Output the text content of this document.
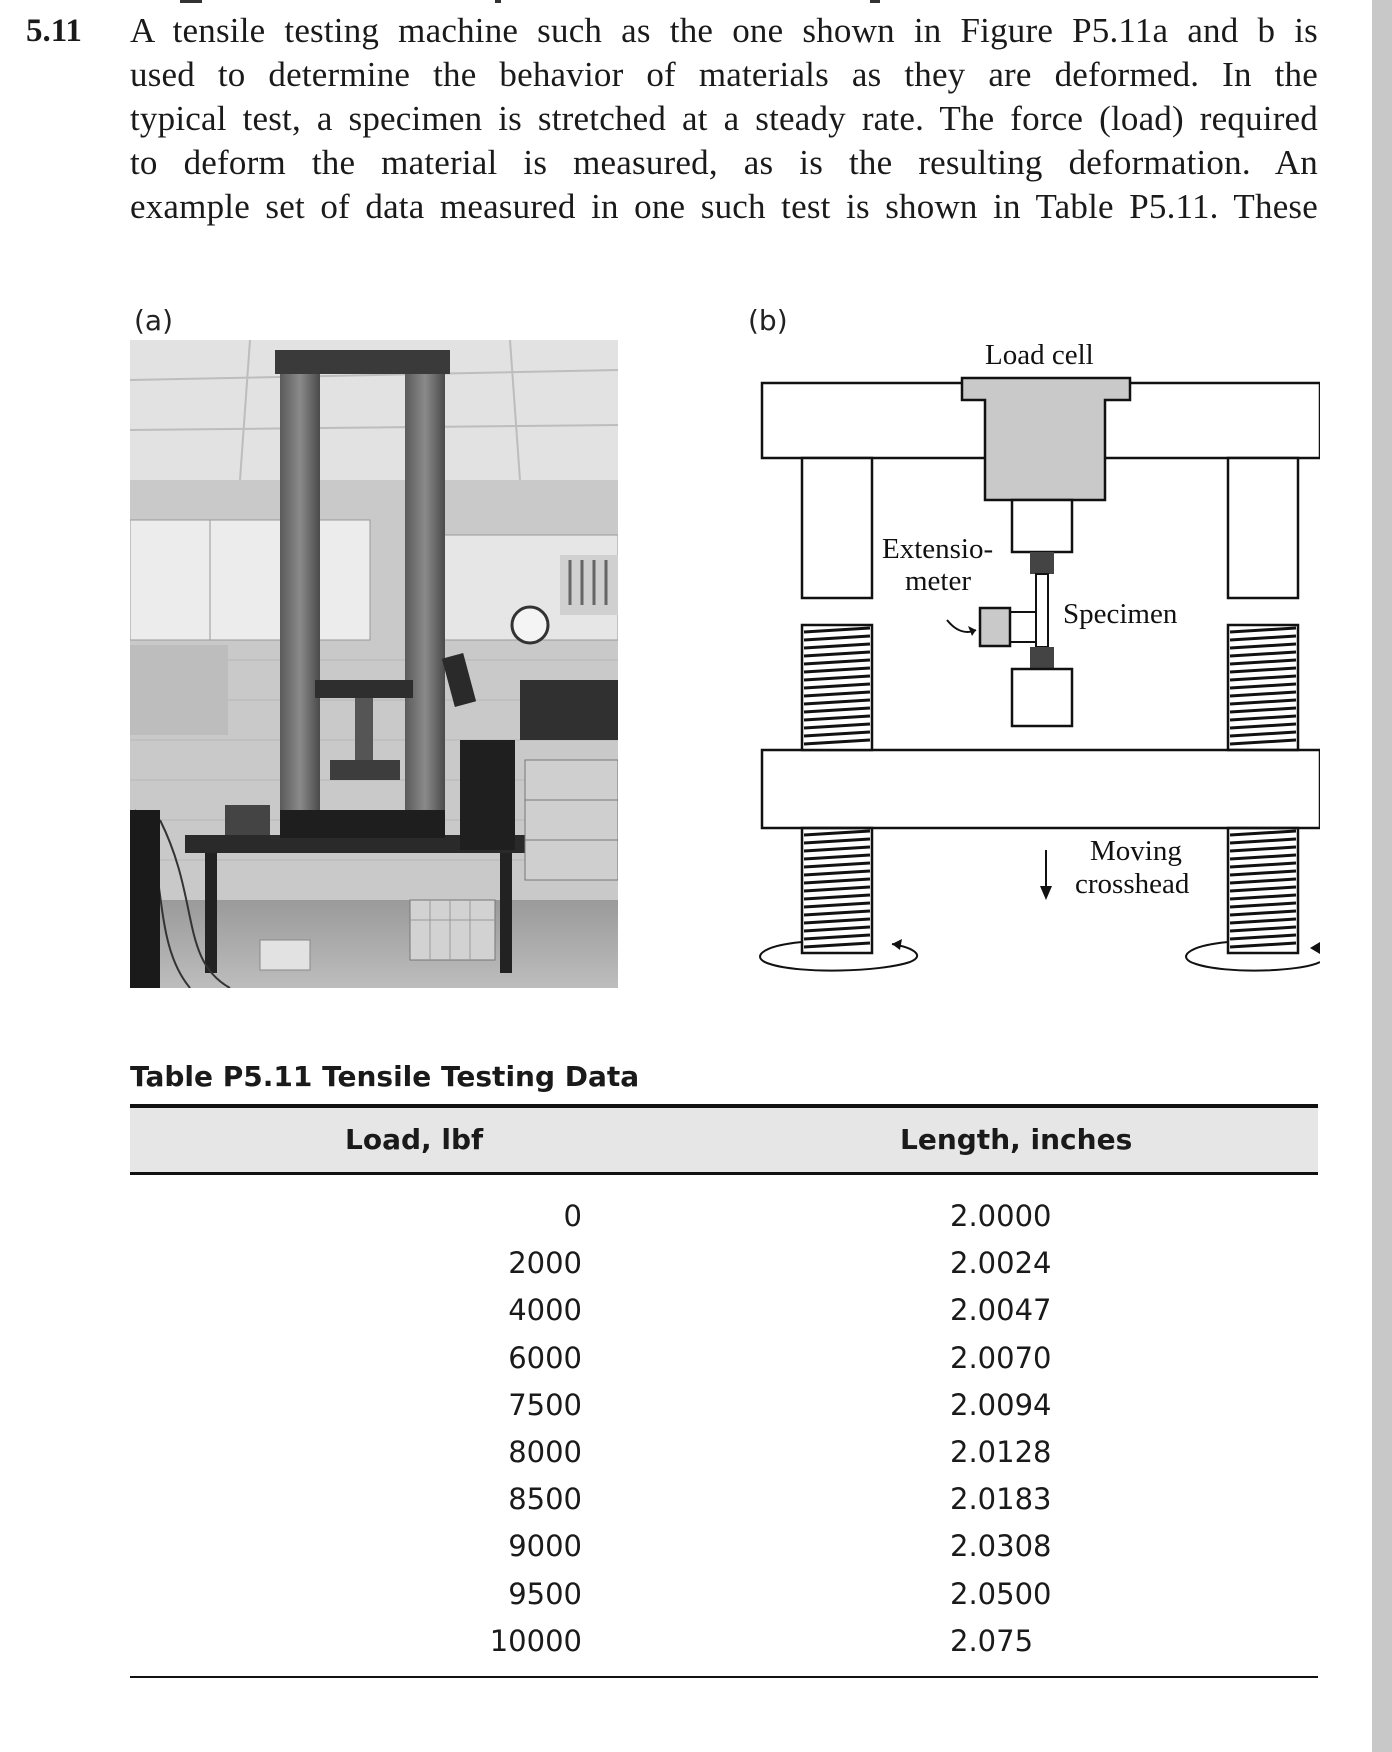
5.11 A tensile testing machine such as the one shown in Figure P5.11a and b is
used to determine the behavior of materials as they are deformed. In the
typical test, a specimen is stretched at a steady rate. The force (load) required
to deform the material is measured, as is the resulting deformation. An
example set of data measured in one such test is shown in Table P5.11. These
(a)	(b)
Load cell
Extensio-
meter
Specimen
Moving
crosshead
Table P5.11 Tensile Testing Data
Load, lbf	Length, inches
0	2.0000
2000	2.0024
4000	2.0047
6000	2.0070
7500	2.0094
8000	2.0128
8500	2.0183
9000	2.0308
9500	2.0500
10000	2.075
